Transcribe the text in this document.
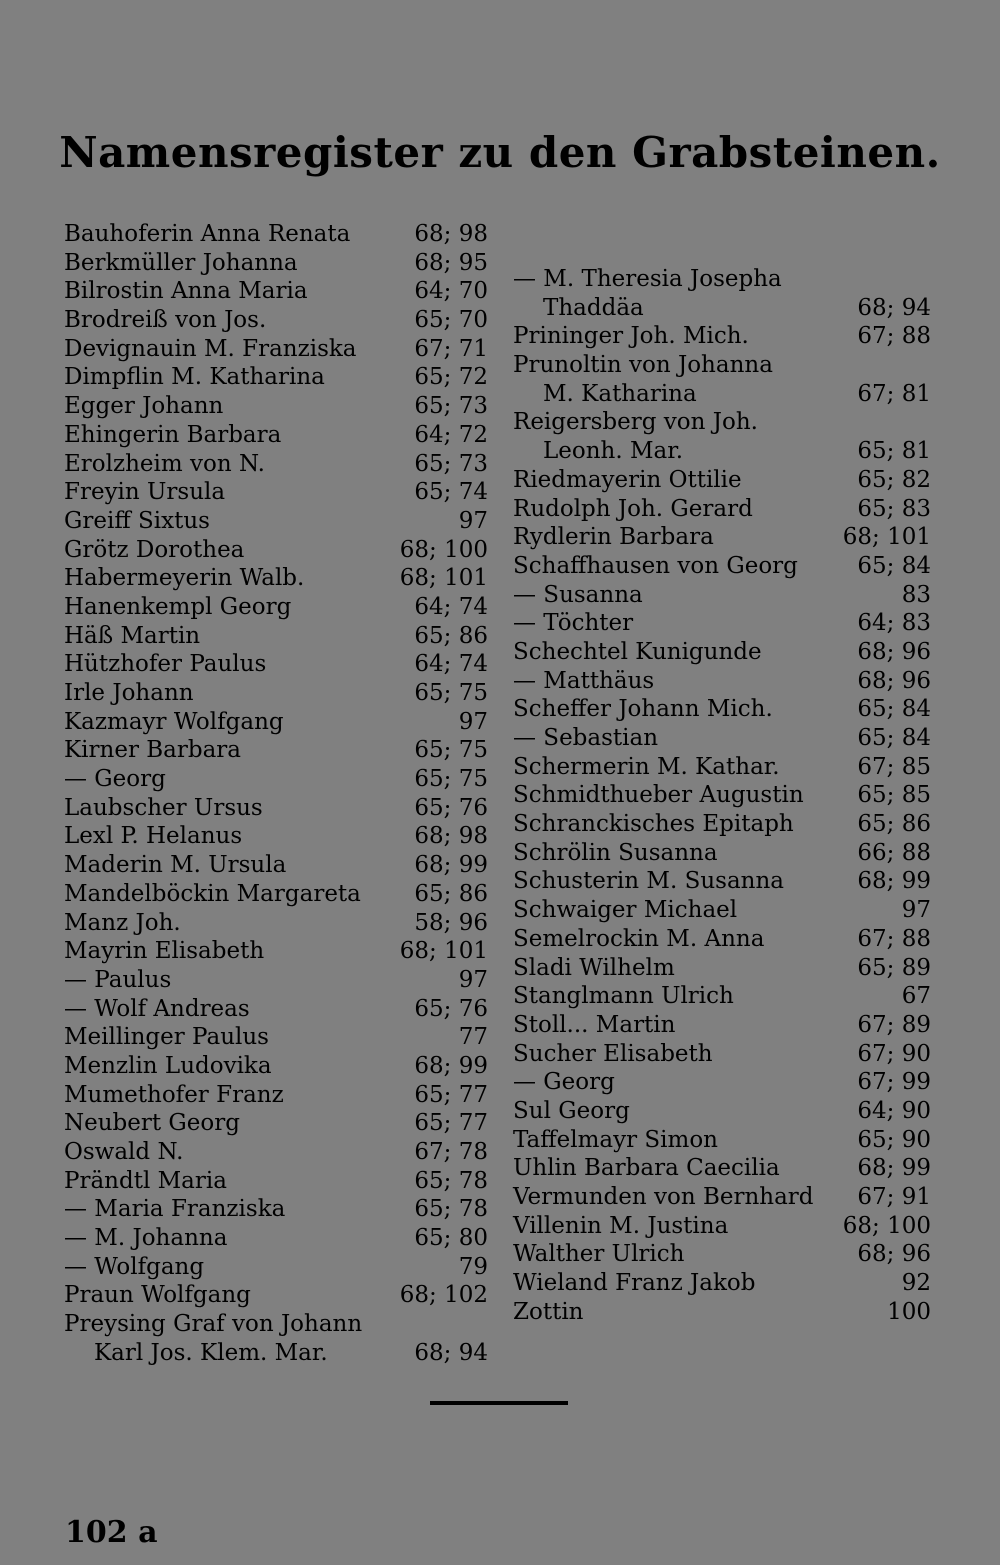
Namensregister zu den Grabsteinen.
Bauhoferin Anna Renata	68; 98
Berkmüller Johanna	68; 95
Bilrostin Anna Maria	64; 70
Brodreiß von Jos.	65; 70
Devignauin M. Franziska	67; 71
Dimpflin M. Katharina	65; 72
Egger Johann	65; 73
Ehingerin Barbara	64; 72
Erolzheim von N.	65; 73
Freyin Ursula	65; 74
Greiff Sixtus	97
Grötz Dorothea	68; 100
Habermeyerin Walb.	68; 101
Hanenkempl Georg	64; 74
Häß Martin	65; 86
Hützhofer Paulus	64; 74
Irle Johann	65; 75
Kazmayr Wolfgang	97
Kirner Barbara	65; 75
— Georg	65; 75
Laubscher Ursus	65; 76
Lexl P. Helanus	68; 98
Maderin M. Ursula	68; 99
Mandelböckin Margareta 65; 86
Manz Joh.	58; 96
Mayrin Elisabeth	68; 101
— Paulus	97
— Wolf Andreas	65; 76
Meillinger Paulus	77
Menzlin Ludovika	68; 99
Mumethofer Franz	65; 77
Neubert Georg	65; 77
Oswald N.	67; 78
Prändtl Maria	65; 78
— Maria Franziska	65; 78
— M. Johanna	65; 80
— Wolfgang	79
Praun Wolfgang	68; 102
Preysing Graf von Johann
Karl Jos. Klem. Mar.	68; 94
— M. Theresia Josepha
Thaddäa	68; 94
Prininger Joh. Mich.	67; 88
Prunoltin von Johanna
M. Katharina	67; 81
Reigersberg von Joh.
Leonh. Mar.	65; 81
Riedmayerin Ottilie	65; 82
Rudolph Joh. Gerard	65; 83
Rydlerin Barbara	68; 101
Schaffhausen von Georg	65; 84
— Susanna	83
— Töchter	64; 83
Schechtel Kunigunde	68; 96
— Matthäus	68; 96
Scheffer Johann Mich.	65; 84
— Sebastian	65; 84
Schermerin M. Kathar.	67; 85
Schmidthueber Augustin 65; 85
Schranckisches Epitaph	65; 86
Schrölin Susanna	66; 88
Schusterin M. Susanna	68; 99
Schwaiger Michael	97
Semelrockin M. Anna	67; 88
Sladi Wilhelm	65; 89
Stanglmann Ulrich	67
Stoll... Martin	67; 89
Sucher Elisabeth	67; 90
— Georg	67; 99
Sul Georg	64; 90
Taffelmayr Simon	65; 90
Uhlin Barbara Caecilia	68; 99
Vermunden von Bernhard 67; 91
Villenin M. Justina	68; 100
Walther Ulrich	68; 96
Wieland Franz Jakob	92
Zottin	100
102 a
